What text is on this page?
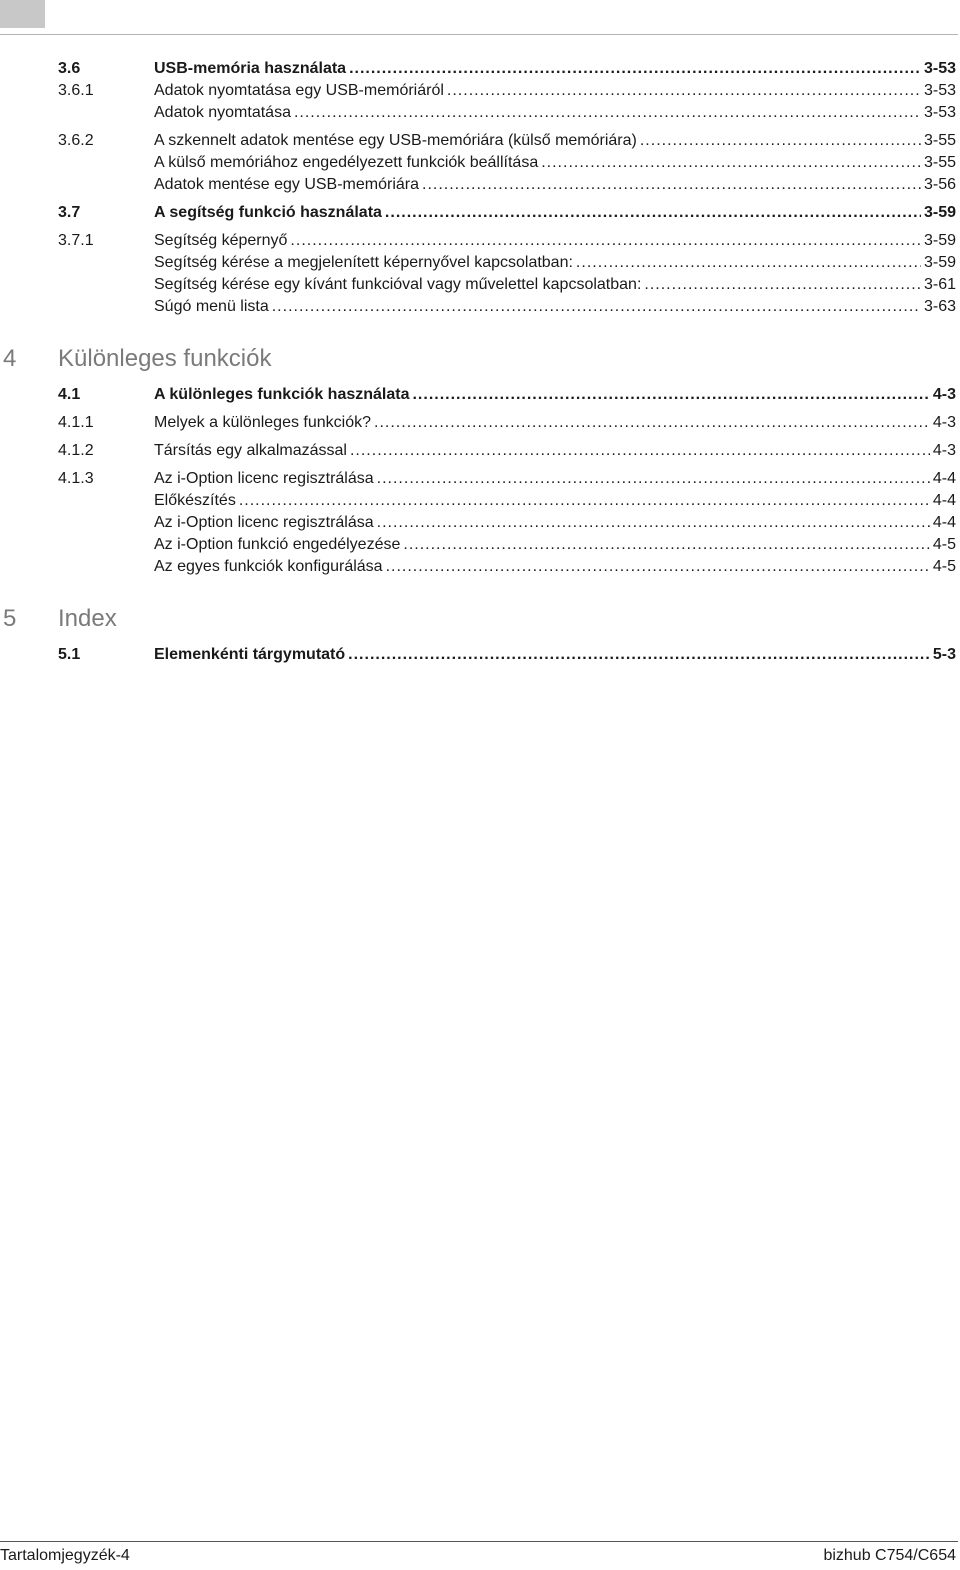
3.6	USB-memória használata .....	3-53
3.6.1	Adatok nyomtatása egy USB-memóriáról .....	3-53
Adatok nyomtatása .....	3-53
3.6.2	A szkennelt adatok mentése egy USB-memóriára (külső memóriára) .....	3-55
A külső memóriához engedélyezett funkciók beállítása .....	3-55
Adatok mentése egy USB-memóriára .....	3-56
3.7	A segítség funkció használata .....	3-59
3.7.1	Segítség képernyő .....	3-59
Segítség kérése a megjelenített képernyővel kapcsolatban: .....	3-59
Segítség kérése egy kívánt funkcióval vagy művelettel kapcsolatban: .....	3-61
Súgó menü lista .....	3-63
4	Különleges funkciók
4.1	A különleges funkciók használata .....	4-3
4.1.1	Melyek a különleges funkciók? .....	4-3
4.1.2	Társítás egy alkalmazással .....	4-3
4.1.3	Az i-Option licenc regisztrálása .....	4-4
Előkészítés .....	4-4
Az i-Option licenc regisztrálása .....	4-4
Az i-Option funkció engedélyezése .....	4-5
Az egyes funkciók konfigurálása .....	4-5
5	Index
5.1	Elemenkénti tárgymutató .....	5-3
Tartalomjegyzék-4	bizhub C754/C654
